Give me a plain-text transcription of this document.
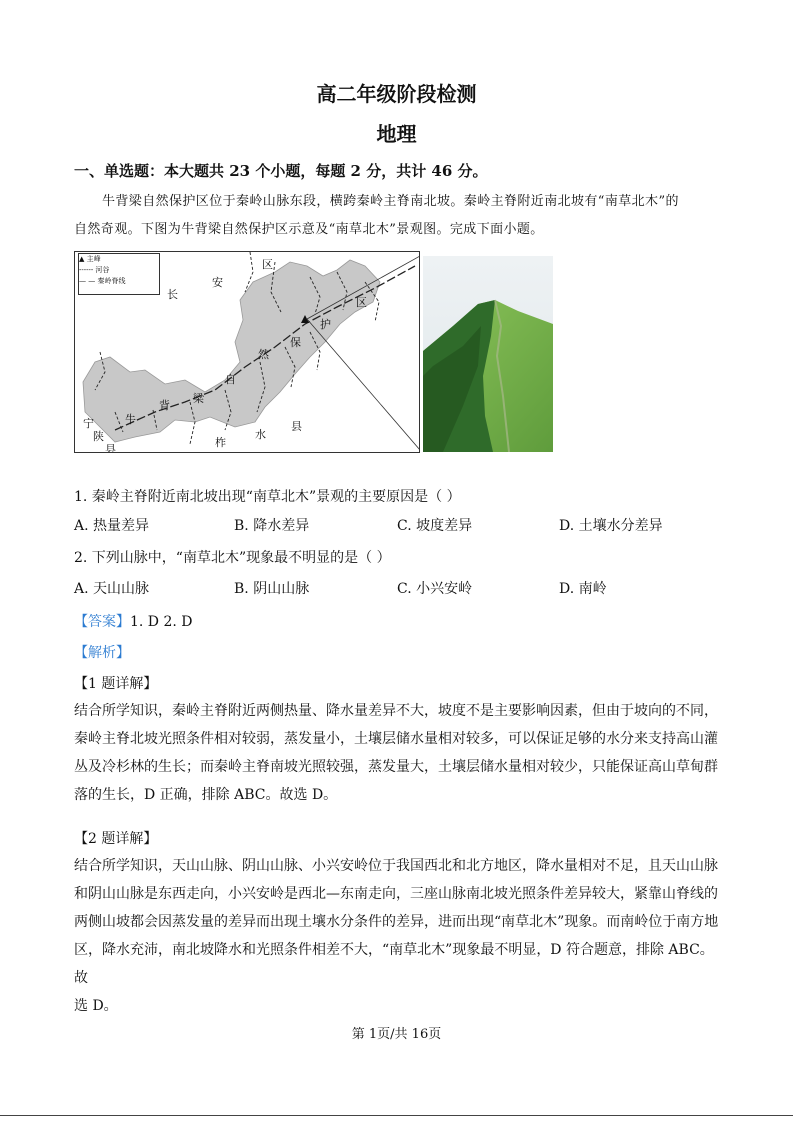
高二年级阶段检测
地理
一、单选题：本大题共 23 个小题，每题 2 分，共计 46 分。
牛背梁自然保护区位于秦岭山脉东段，横跨秦岭主脊南北坡。秦岭主脊附近南北坡有“南草北木”的
自然奇观。下图为牛背梁自然保护区示意及“南草北木”景观图。完成下面小题。
长
安
区
区
护
保
然
自
梁
背
牛
宁
陕
县
柞
水
县
▲ 主峰
------ 河谷
— — 秦岭脊线
1. 秦岭主脊附近南北坡出现“南草北木”景观的主要原因是（ ）
A. 热量差异	B. 降水差异	C. 坡度差异	D. 土壤水分差异
2. 下列山脉中，“南草北木”现象最不明显的是（ ）
A. 天山山脉	B. 阴山山脉	C. 小兴安岭	D. 南岭
【答案】1. D 2. D
【解析】
【1 题详解】
结合所学知识，秦岭主脊附近两侧热量、降水量差异不大，坡度不是主要影响因素，但由于坡向的不同，
秦岭主脊北坡光照条件相对较弱，蒸发量小，土壤层储水量相对较多，可以保证足够的水分来支持高山灌
丛及冷杉林的生长；而秦岭主脊南坡光照较强，蒸发量大，土壤层储水量相对较少，只能保证高山草甸群
落的生长，D 正确，排除 ABC。故选 D。
【2 题详解】
结合所学知识，天山山脉、阴山山脉、小兴安岭位于我国西北和北方地区，降水量相对不足，且天山山脉
和阴山山脉是东西走向，小兴安岭是西北—东南走向，三座山脉南北坡光照条件差异较大，紧靠山脊线的
两侧山坡都会因蒸发量的差异而出现土壤水分条件的差异，进而出现“南草北木”现象。而南岭位于南方地
区，降水充沛，南北坡降水和光照条件相差不大，“南草北木”现象最不明显，D 符合题意，排除 ABC。故
选 D。
第 1页/共 16页
